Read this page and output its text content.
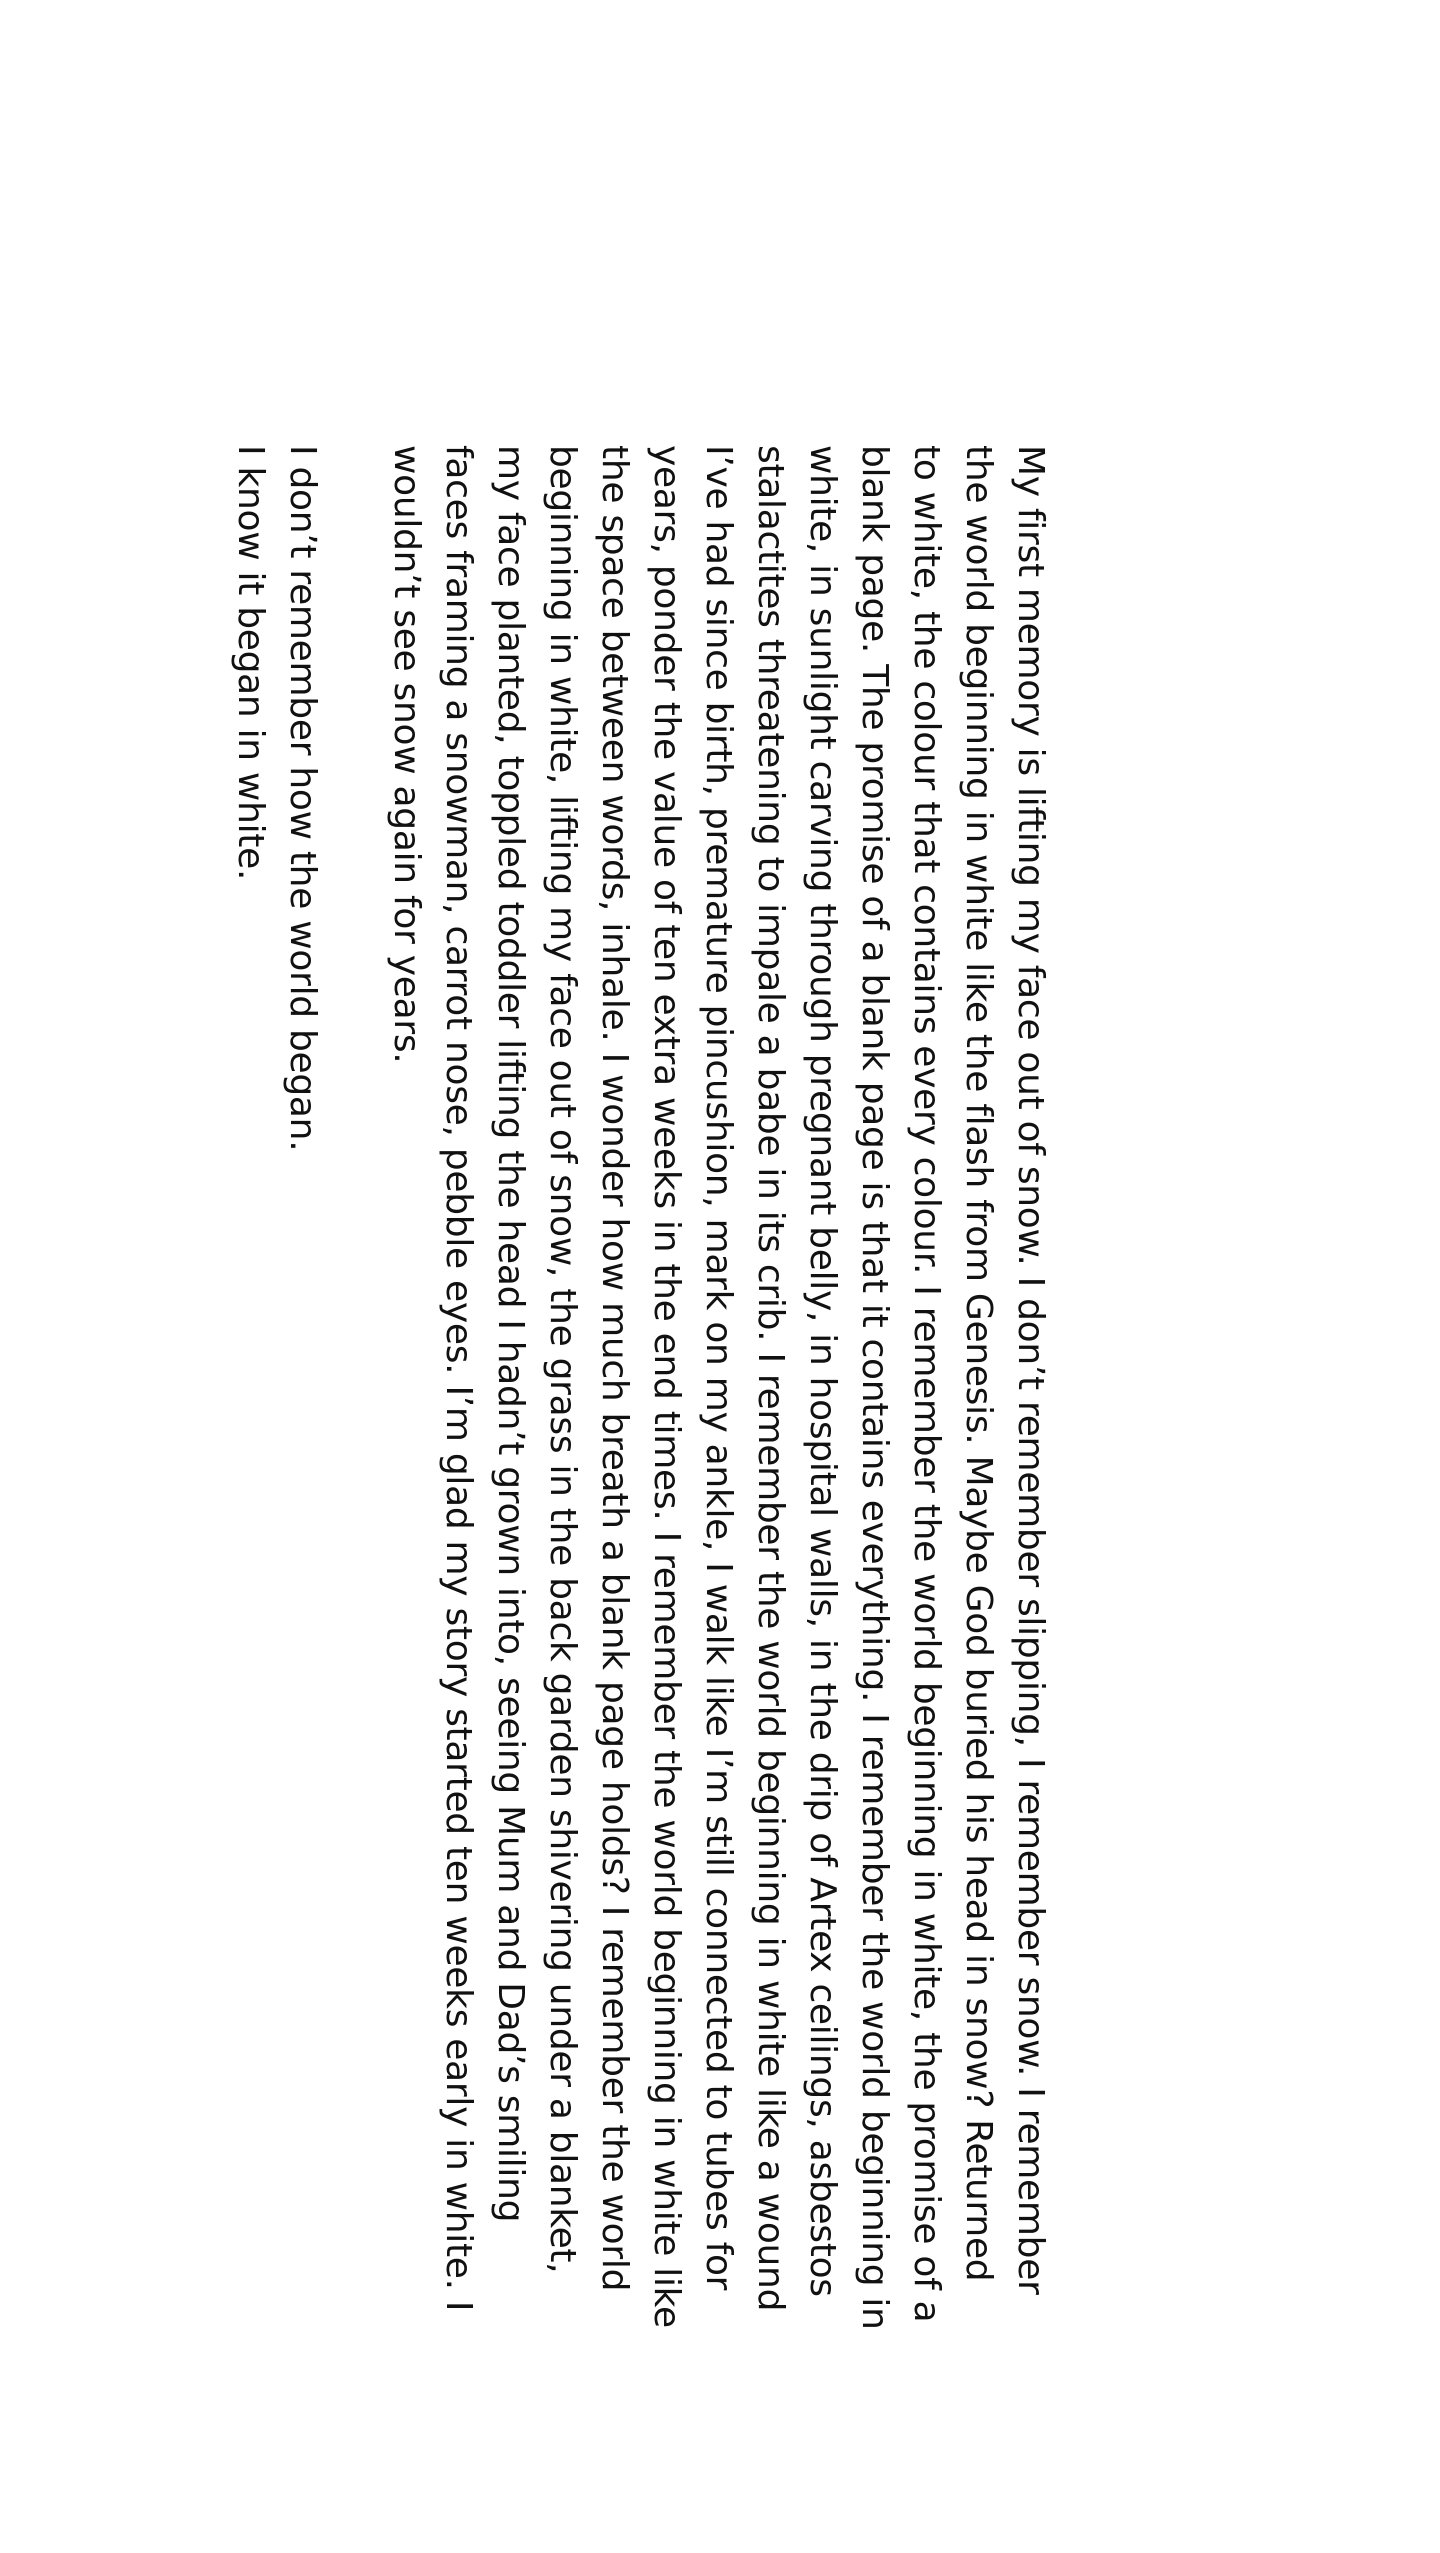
My first memory is lifting my face out of snow. I don’t remember slipping, I remember snow. I remember
the world beginning in white like the flash from Genesis. Maybe God buried his head in snow? Returned
to white, the colour that contains every colour. I remember the world beginning in white, the promise of a
blank page. The promise of a blank page is that it contains everything. I remember the world beginning in
white, in sunlight carving through pregnant belly, in hospital walls, in the drip of Artex ceilings, asbestos
stalactites threatening to impale a babe in its crib. I remember the world beginning in white like a wound
I’ve had since birth, premature pincushion, mark on my ankle, I walk like I’m still connected to tubes for
years, ponder the value of ten extra weeks in the end times. I remember the world beginning in white like
the space between words, inhale. I wonder how much breath a blank page holds? I remember the world
beginning in white, lifting my face out of snow, the grass in the back garden shivering under a blanket,
my face planted, toppled toddler lifting the head I hadn’t grown into, seeing Mum and Dad’s smiling
faces framing a snowman, carrot nose, pebble eyes. I’m glad my story started ten weeks early in white. I
wouldn’t see snow again for years.
I don’t remember how the world began.
I know it began in white.
